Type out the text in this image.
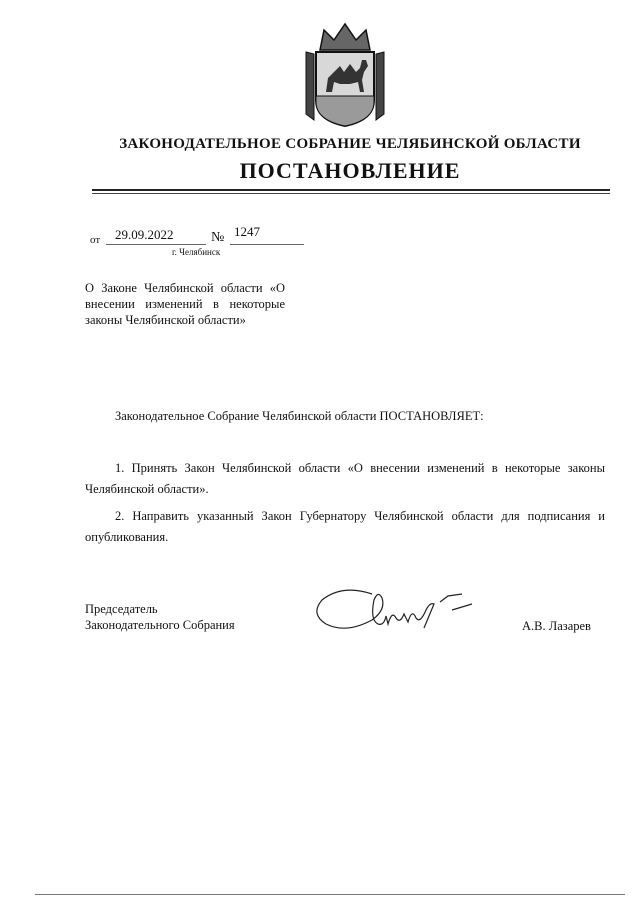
ЗАКОНОДАТЕЛЬНОЕ СОБРАНИЕ ЧЕЛЯБИНСКОЙ ОБЛАСТИ
ПОСТАНОВЛЕНИЕ
от 29.09.2022	№ 1247
г. Челябинск
О Законе Челябинской области «О внесении изменений в некоторые законы Челябинской области»
Законодательное Собрание Челябинской области ПОСТАНОВЛЯЕТ:
1. Принять Закон Челябинской области «О внесении изменений в некоторые законы Челябинской области».
2. Направить указанный Закон Губернатору Челябинской области для подписания и опубликования.
Председатель
Законодательного Собрания	А.В. Лазарев
